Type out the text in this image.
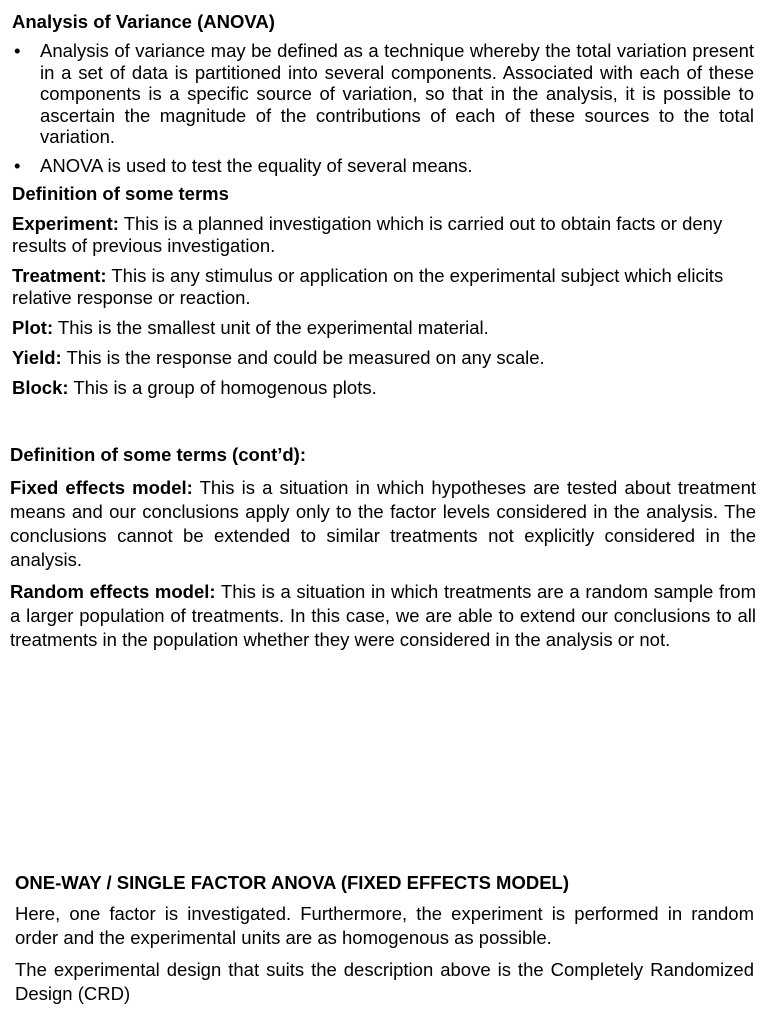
Analysis of Variance (ANOVA)
• Analysis of variance may be defined as a technique whereby the total variation present in a set of data is partitioned into several components. Associated with each of these components is a specific source of variation, so that in the analysis, it is possible to ascertain the magnitude of the contributions of each of these sources to the total variation.
• ANOVA is used to test the equality of several means.
Definition of some terms

Experiment: This is a planned investigation which is carried out to obtain facts or deny results of previous investigation.

Treatment: This is any stimulus or application on the experimental subject which elicits relative response or reaction.

Plot: This is the smallest unit of the experimental material.

Yield: This is the response and could be measured on any scale.

Block: This is a group of homogenous plots.

Definition of some terms (cont’d):

Fixed effects model: This is a situation in which hypotheses are tested about treatment means and our conclusions apply only to the factor levels considered in the analysis. The conclusions cannot be extended to similar treatments not explicitly considered in the analysis.

Random effects model: This is a situation in which treatments are a random sample from a larger population of treatments. In this case, we are able to extend our conclusions to all treatments in the population whether they were considered in the analysis or not.

ONE-WAY / SINGLE FACTOR ANOVA (FIXED EFFECTS MODEL)

Here, one factor is investigated. Furthermore, the experiment is performed in random order and the experimental units are as homogenous as possible.

The experimental design that suits the description above is the Completely Randomized Design (CRD)
